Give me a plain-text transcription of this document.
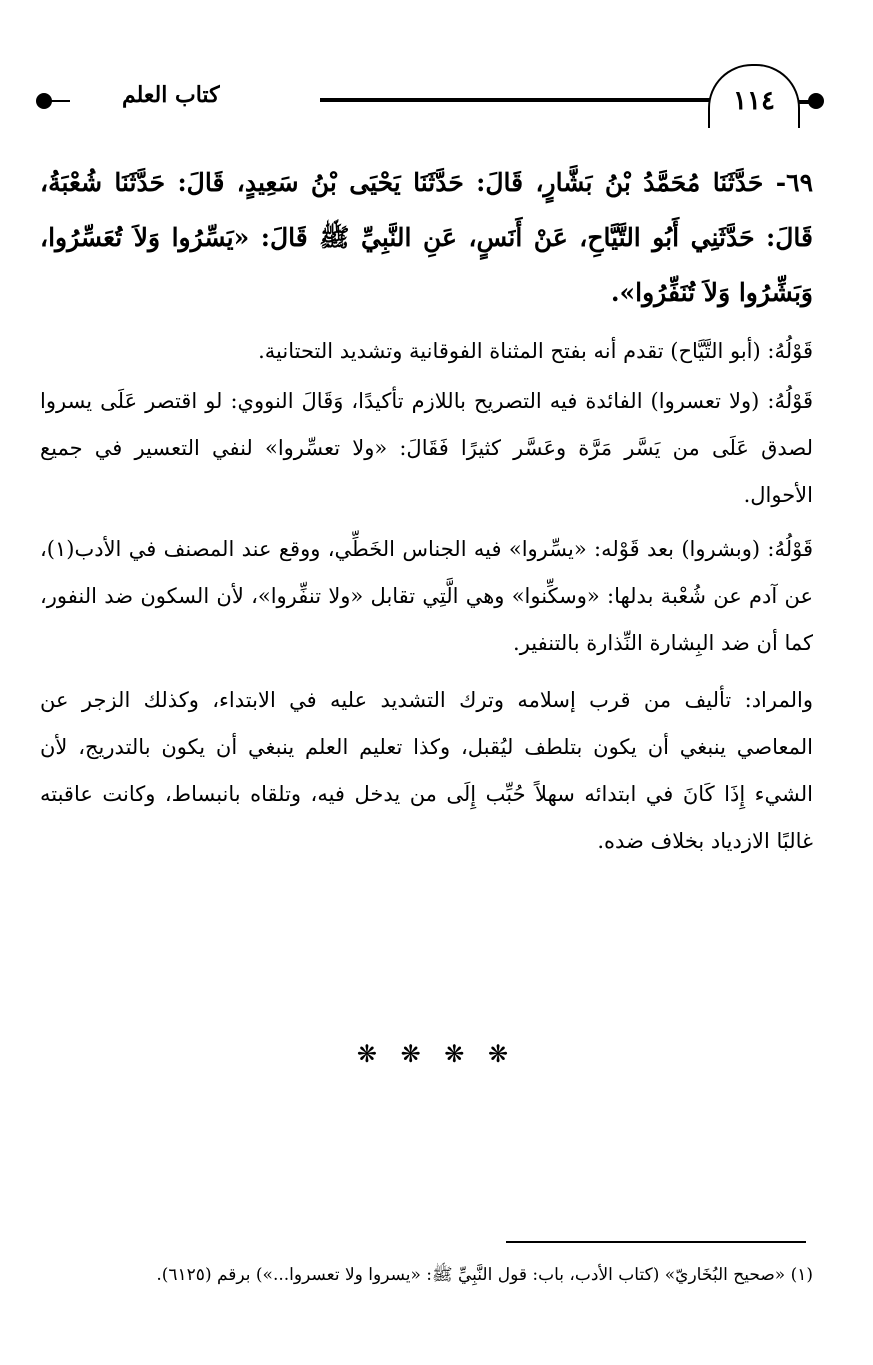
كتاب العلم	١١٤
٦٩- حَدَّثَنَا مُحَمَّدُ بْنُ بَشَّارٍ، قَالَ: حَدَّثَنَا يَحْيَى بْنُ سَعِيدٍ، قَالَ: حَدَّثَنَا شُعْبَةُ، قَالَ: حَدَّثَنِي أَبُو التَّيَّاحِ، عَنْ أَنَسٍ، عَنِ النَّبِيِّ ﷺ قَالَ: «يَسِّرُوا وَلاَ تُعَسِّرُوا، وَبَشِّرُوا وَلاَ تُنَفِّرُوا».
قَوْلُهُ: (أبو التَّيَّاح) تقدم أنه بفتح المثناة الفوقانية وتشديد التحتانية.
قَوْلُهُ: (ولا تعسروا) الفائدة فيه التصريح باللازم تأكيدًا، وَقَالَ النووي: لو اقتصر عَلَى يسروا لصدق عَلَى من يَسَّر مَرَّة وعَسَّر كثيرًا فَقَالَ: «ولا تعسِّروا» لنفي التعسير في جميع الأحوال.
قَوْلُهُ: (وبشروا) بعد قَوْله: «يسِّروا» فيه الجناس الخَطِّي، ووقع عند المصنف في الأدب(١)، عن آدم عن شُعْبة بدلها: «وسكِّنوا» وهي الَّتِي تقابل «ولا تنفِّروا»، لأن السكون ضد النفور، كما أن ضد البِشارة النِّذارة بالتنفير.
والمراد: تأليف من قرب إسلامه وترك التشديد عليه في الابتداء، وكذلك الزجر عن المعاصي ينبغي أن يكون بتلطف ليُقبل، وكذا تعليم العلم ينبغي أن يكون بالتدريج، لأن الشيء إِذَا كَانَ في ابتدائه سهلاً حُبِّب إِلَى من يدخل فيه، وتلقاه بانبساط، وكانت عاقبته غالبًا الازدياد بخلاف ضده.
❋ ❋ ❋ ❋
(١) «صحيح البُخَاريّ» (كتاب الأدب، باب: قول النَّبِيِّ ﷺ: «يسروا ولا تعسروا...») برقم (٦١٢٥).
